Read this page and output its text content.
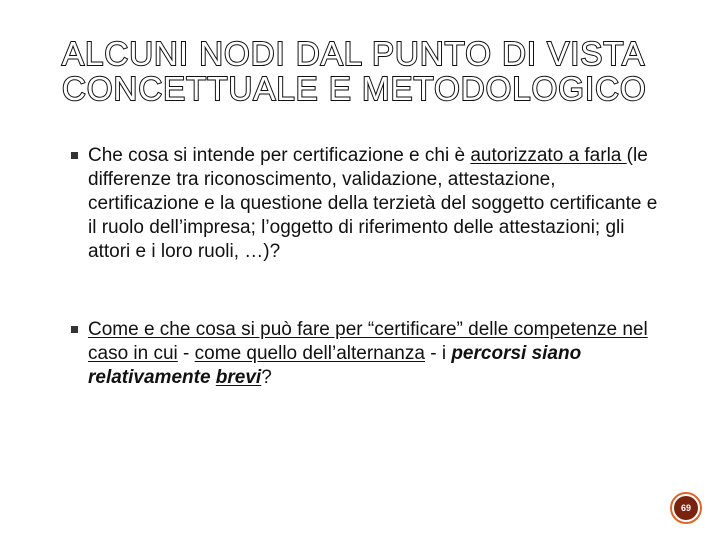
ALCUNI NODI DAL PUNTO DI VISTA
CONCETTUALE E METODOLOGICO
Che cosa si intende per certificazione e chi è autorizzato a farla (le differenze tra riconoscimento, validazione, attestazione, certificazione e la questione della terzietà del soggetto certificante e il ruolo dell’impresa; l’oggetto di riferimento delle attestazioni; gli attori e i loro ruoli, …)?
Come e che cosa si può fare per “certificare” delle competenze nel caso in cui - come quello dell’alternanza - i percorsi siano relativamente brevi?
69
